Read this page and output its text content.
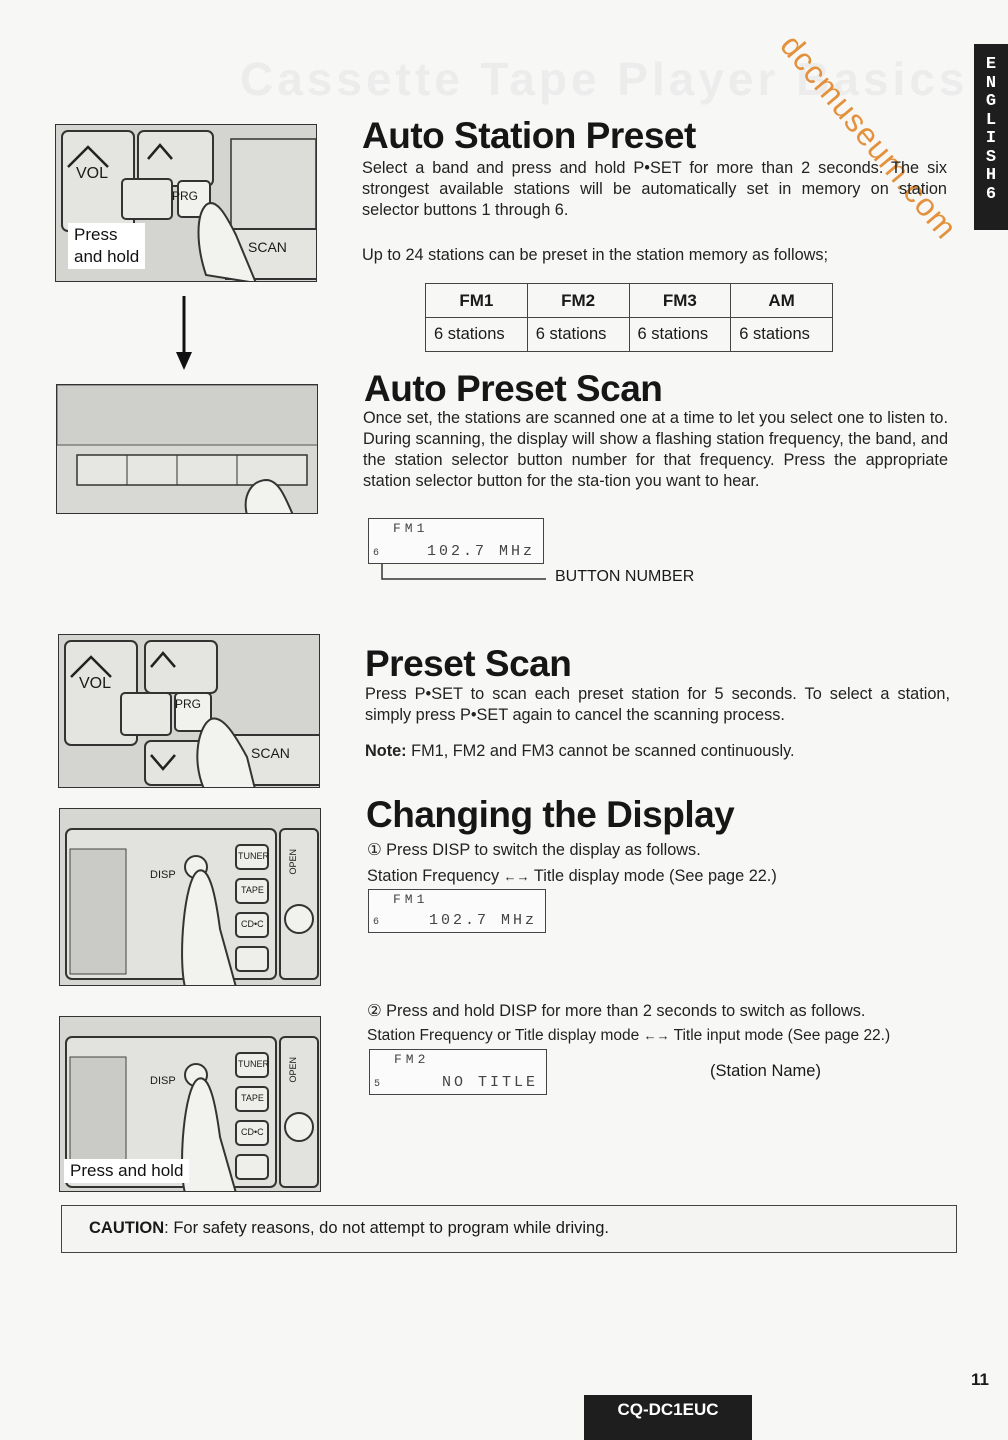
Cassette Tape Player Basics	E
N
G
L
I
S
H
6
dccmuseum.com
VOL
PRG
SCAN
Press
and hold
VOL
PRG
SCAN
DISP
TUNER
TAPE
CD•C
OPEN
DISP
TUNER
TAPE
CD•C
OPEN
Press and hold
Auto Station Preset

Select a band and press and hold P•SET for more than 2 seconds. The six strongest available stations will be automatically set in memory on station selector buttons 1 through 6.

Up to 24 stations can be preset in the station memory as follows;

FM1	FM2	FM3	AM
6 stations	6 stations	6 stations	6 stations
Auto Preset Scan

Once set, the stations are scanned one at a time to let you select one to listen to. During scanning, the display will show a flashing station frequency, the band, and the station selector button number for that frequency. Press the appropriate station selector button for the sta-tion you want to hear.

FM1
6	102.7 MHz
BUTTON NUMBER
Preset Scan

Press P•SET to scan each preset station for 5 seconds. To select a station, simply press P•SET again to cancel the scanning process.

Note: FM1, FM2 and FM3 cannot be scanned continuously.

Changing the Display

① Press DISP to switch the display as follows.

Station Frequency ←→ Title display mode (See page 22.)

FM1
6	102.7 MHz

② Press and hold DISP for more than 2 seconds to switch as follows.

Station Frequency or Title display mode ←→ Title input mode (See page 22.)

FM2
5	NO TITLE
(Station Name)
CAUTION: For safety reasons, do not attempt to program while driving.
11
CQ-DC1EUC
